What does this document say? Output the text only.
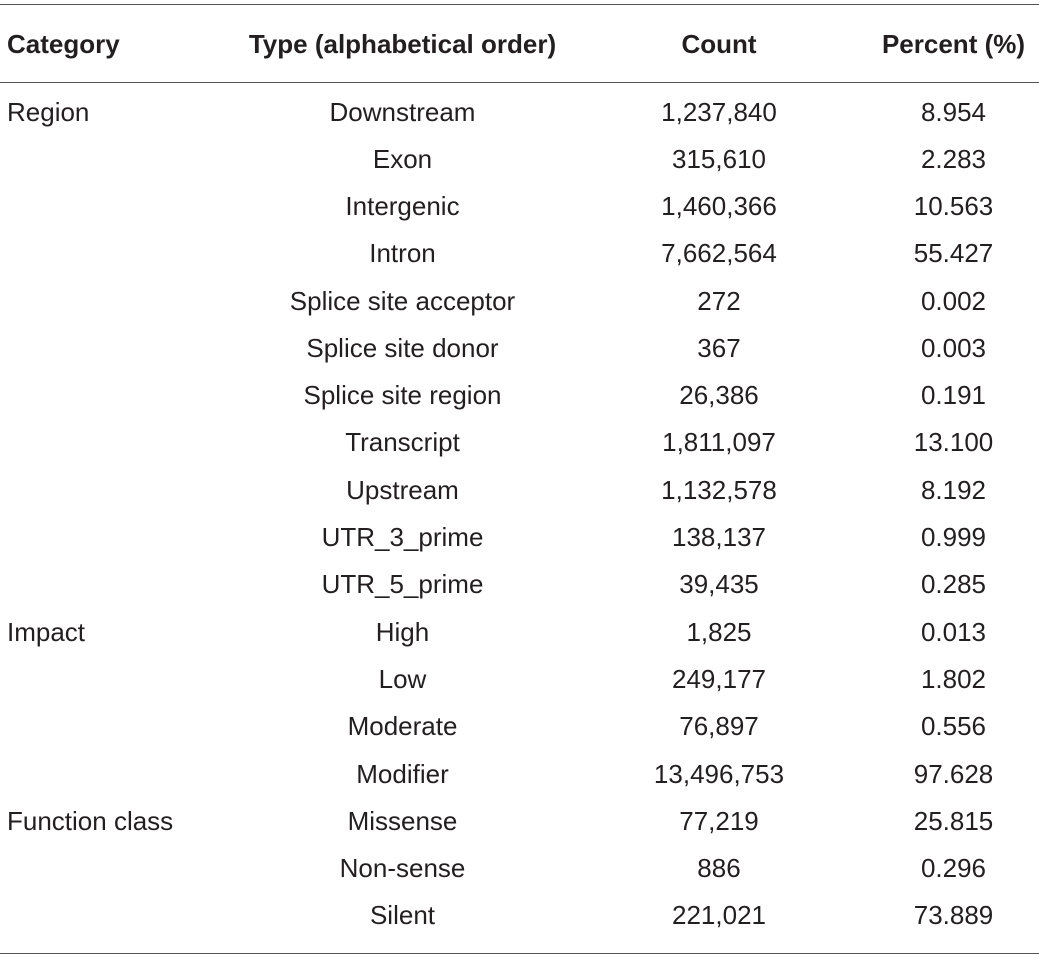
Category	Type (alphabetical order)	Count	Percent (%)
Region	Downstream	1,237,840	8.954
	Exon	315,610	2.283
	Intergenic	1,460,366	10.563
	Intron	7,662,564	55.427
	Splice site acceptor	272	0.002
	Splice site donor	367	0.003
	Splice site region	26,386	0.191
	Transcript	1,811,097	13.100
	Upstream	1,132,578	8.192
	UTR_3_prime	138,137	0.999
	UTR_5_prime	39,435	0.285
Impact	High	1,825	0.013
	Low	249,177	1.802
	Moderate	76,897	0.556
	Modifier	13,496,753	97.628
Function class	Missense	77,219	25.815
	Non-sense	886	0.296
	Silent	221,021	73.889
